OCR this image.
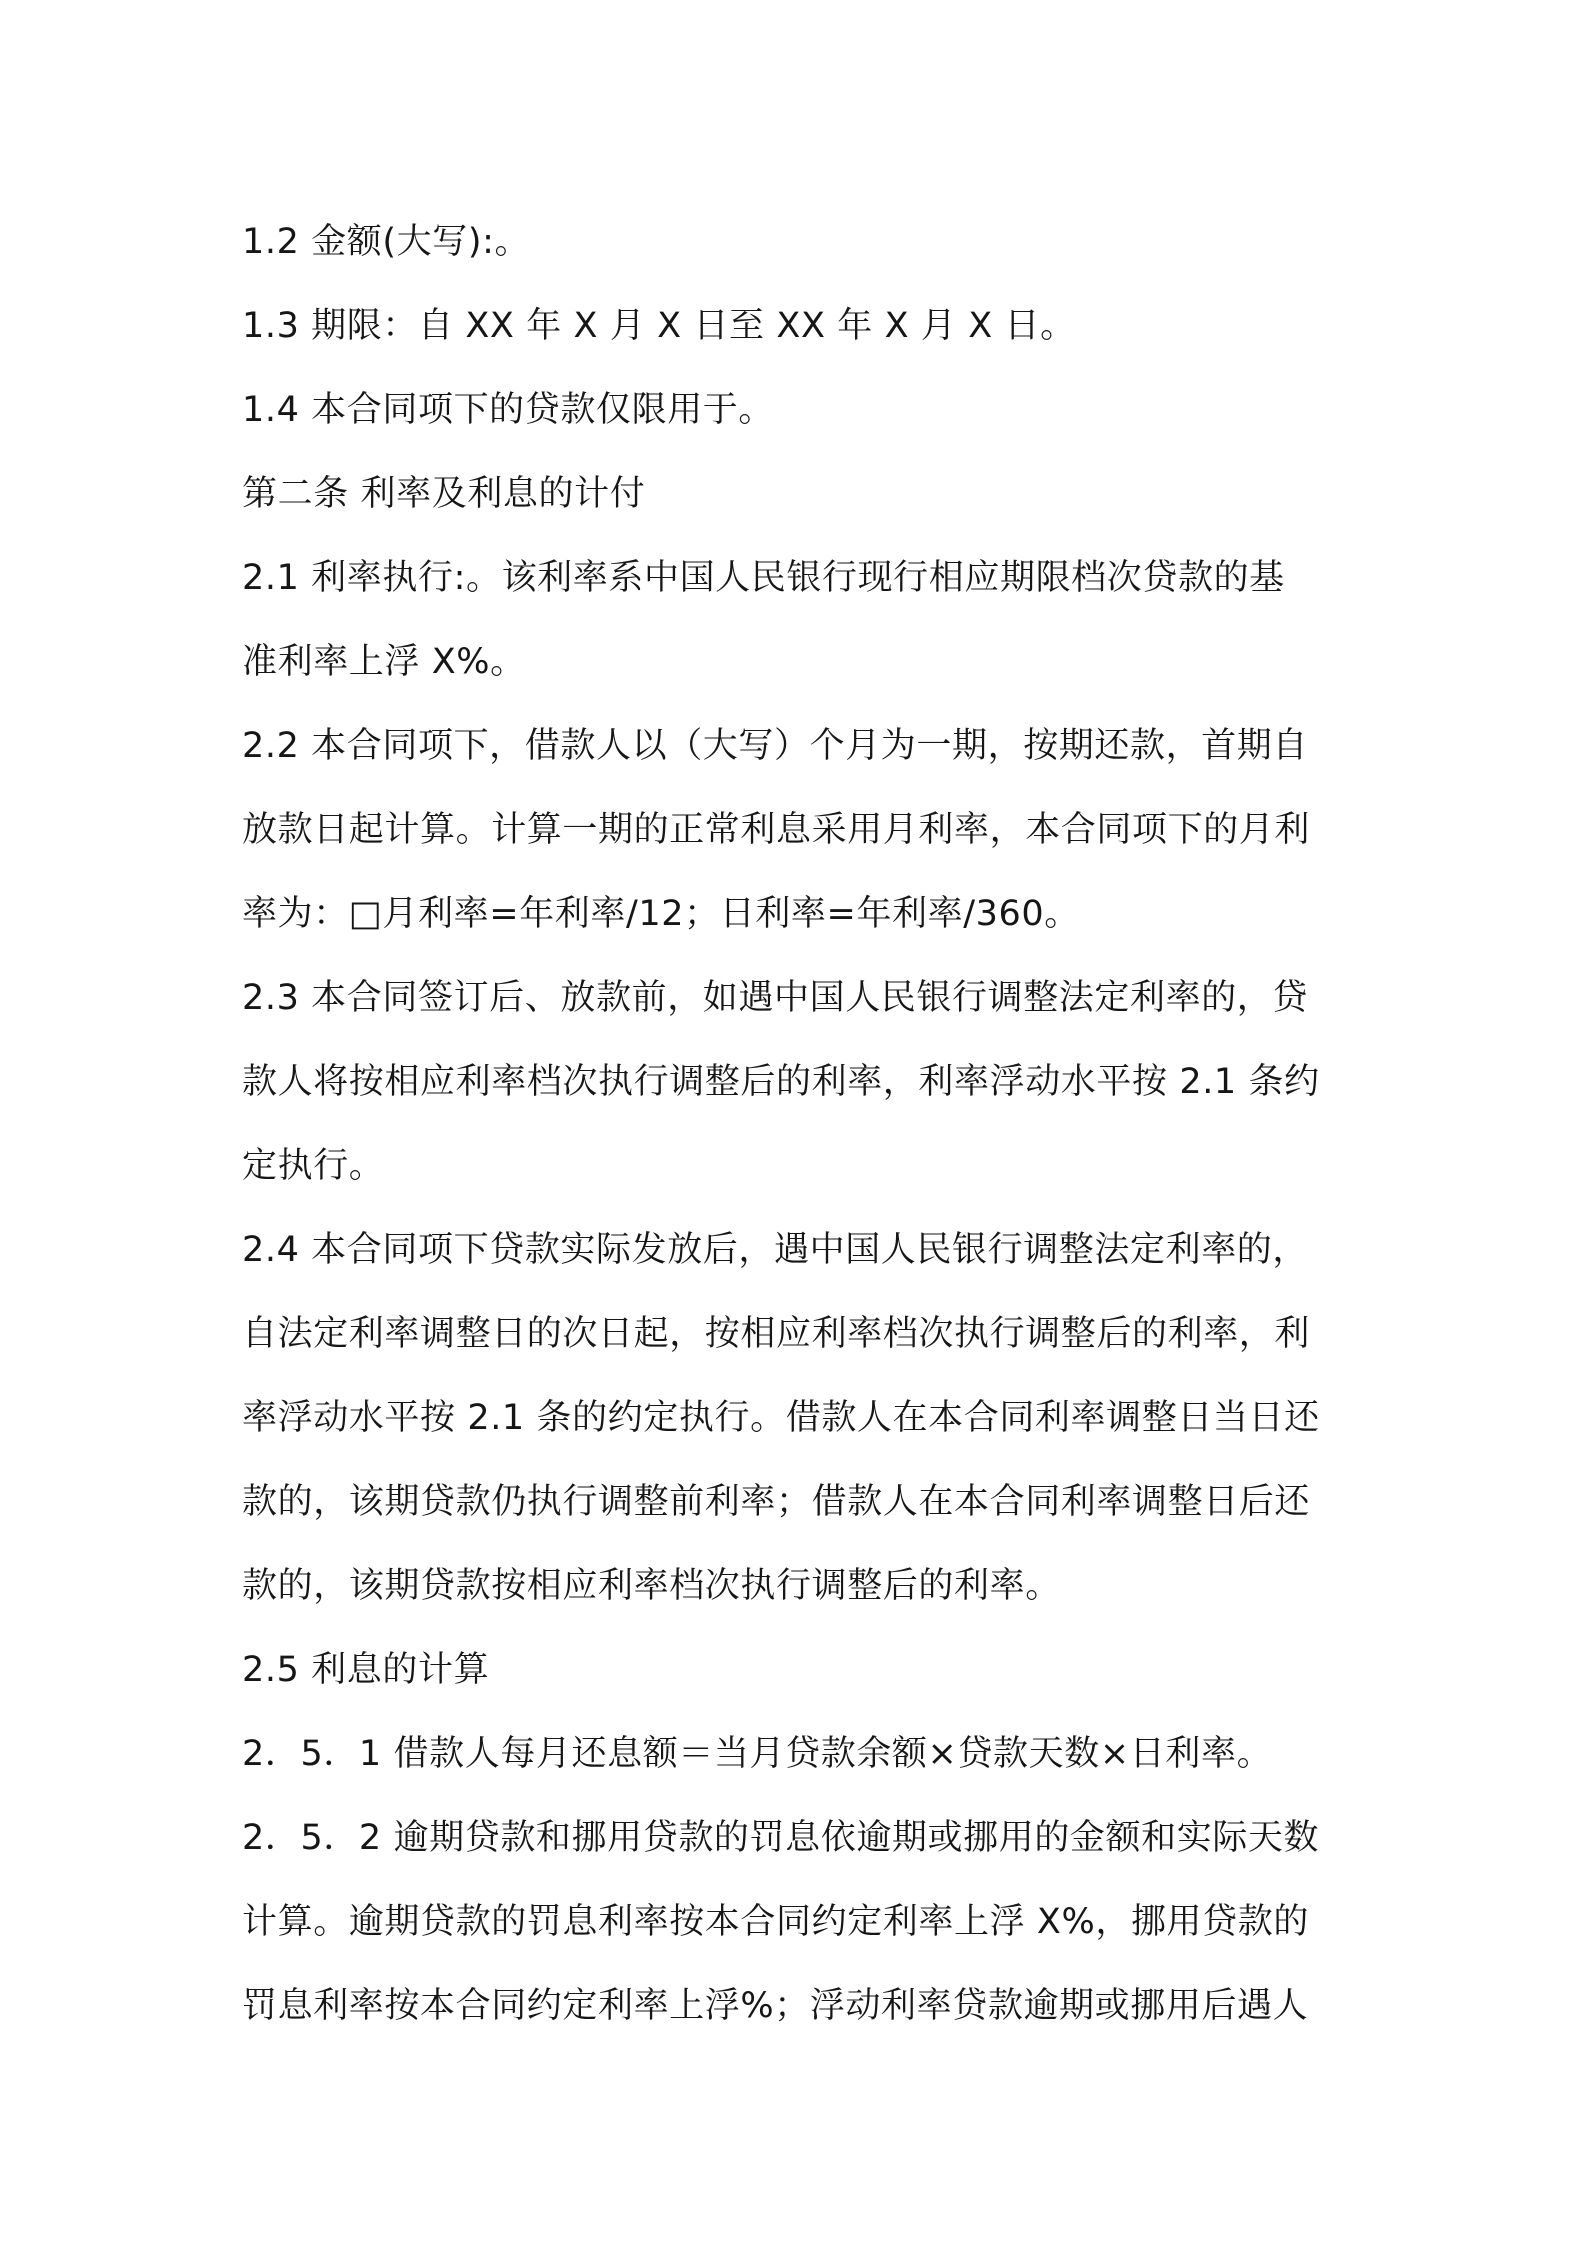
1.2 金额(大写):。
1.3 期限：自 XX 年 X 月 X 日至 XX 年 X 月 X 日。
1.4 本合同项下的贷款仅限用于。
第二条 利率及利息的计付
2.1 利率执行:。该利率系中国人民银行现行相应期限档次贷款的基
准利率上浮 X%。
2.2 本合同项下，借款人以（大写）个月为一期，按期还款，首期自
放款日起计算。计算一期的正常利息采用月利率，本合同项下的月利
率为：□月利率=年利率/12；日利率=年利率/360。
2.3 本合同签订后、放款前，如遇中国人民银行调整法定利率的，贷
款人将按相应利率档次执行调整后的利率，利率浮动水平按 2.1 条约
定执行。
2.4 本合同项下贷款实际发放后，遇中国人民银行调整法定利率的，
自法定利率调整日的次日起，按相应利率档次执行调整后的利率，利
率浮动水平按 2.1 条的约定执行。借款人在本合同利率调整日当日还
款的，该期贷款仍执行调整前利率；借款人在本合同利率调整日后还
款的，该期贷款按相应利率档次执行调整后的利率。
2.5 利息的计算
2．5．1 借款人每月还息额＝当月贷款余额×贷款天数×日利率。
2．5．2 逾期贷款和挪用贷款的罚息依逾期或挪用的金额和实际天数
计算。逾期贷款的罚息利率按本合同约定利率上浮 X%，挪用贷款的
罚息利率按本合同约定利率上浮%；浮动利率贷款逾期或挪用后遇人
